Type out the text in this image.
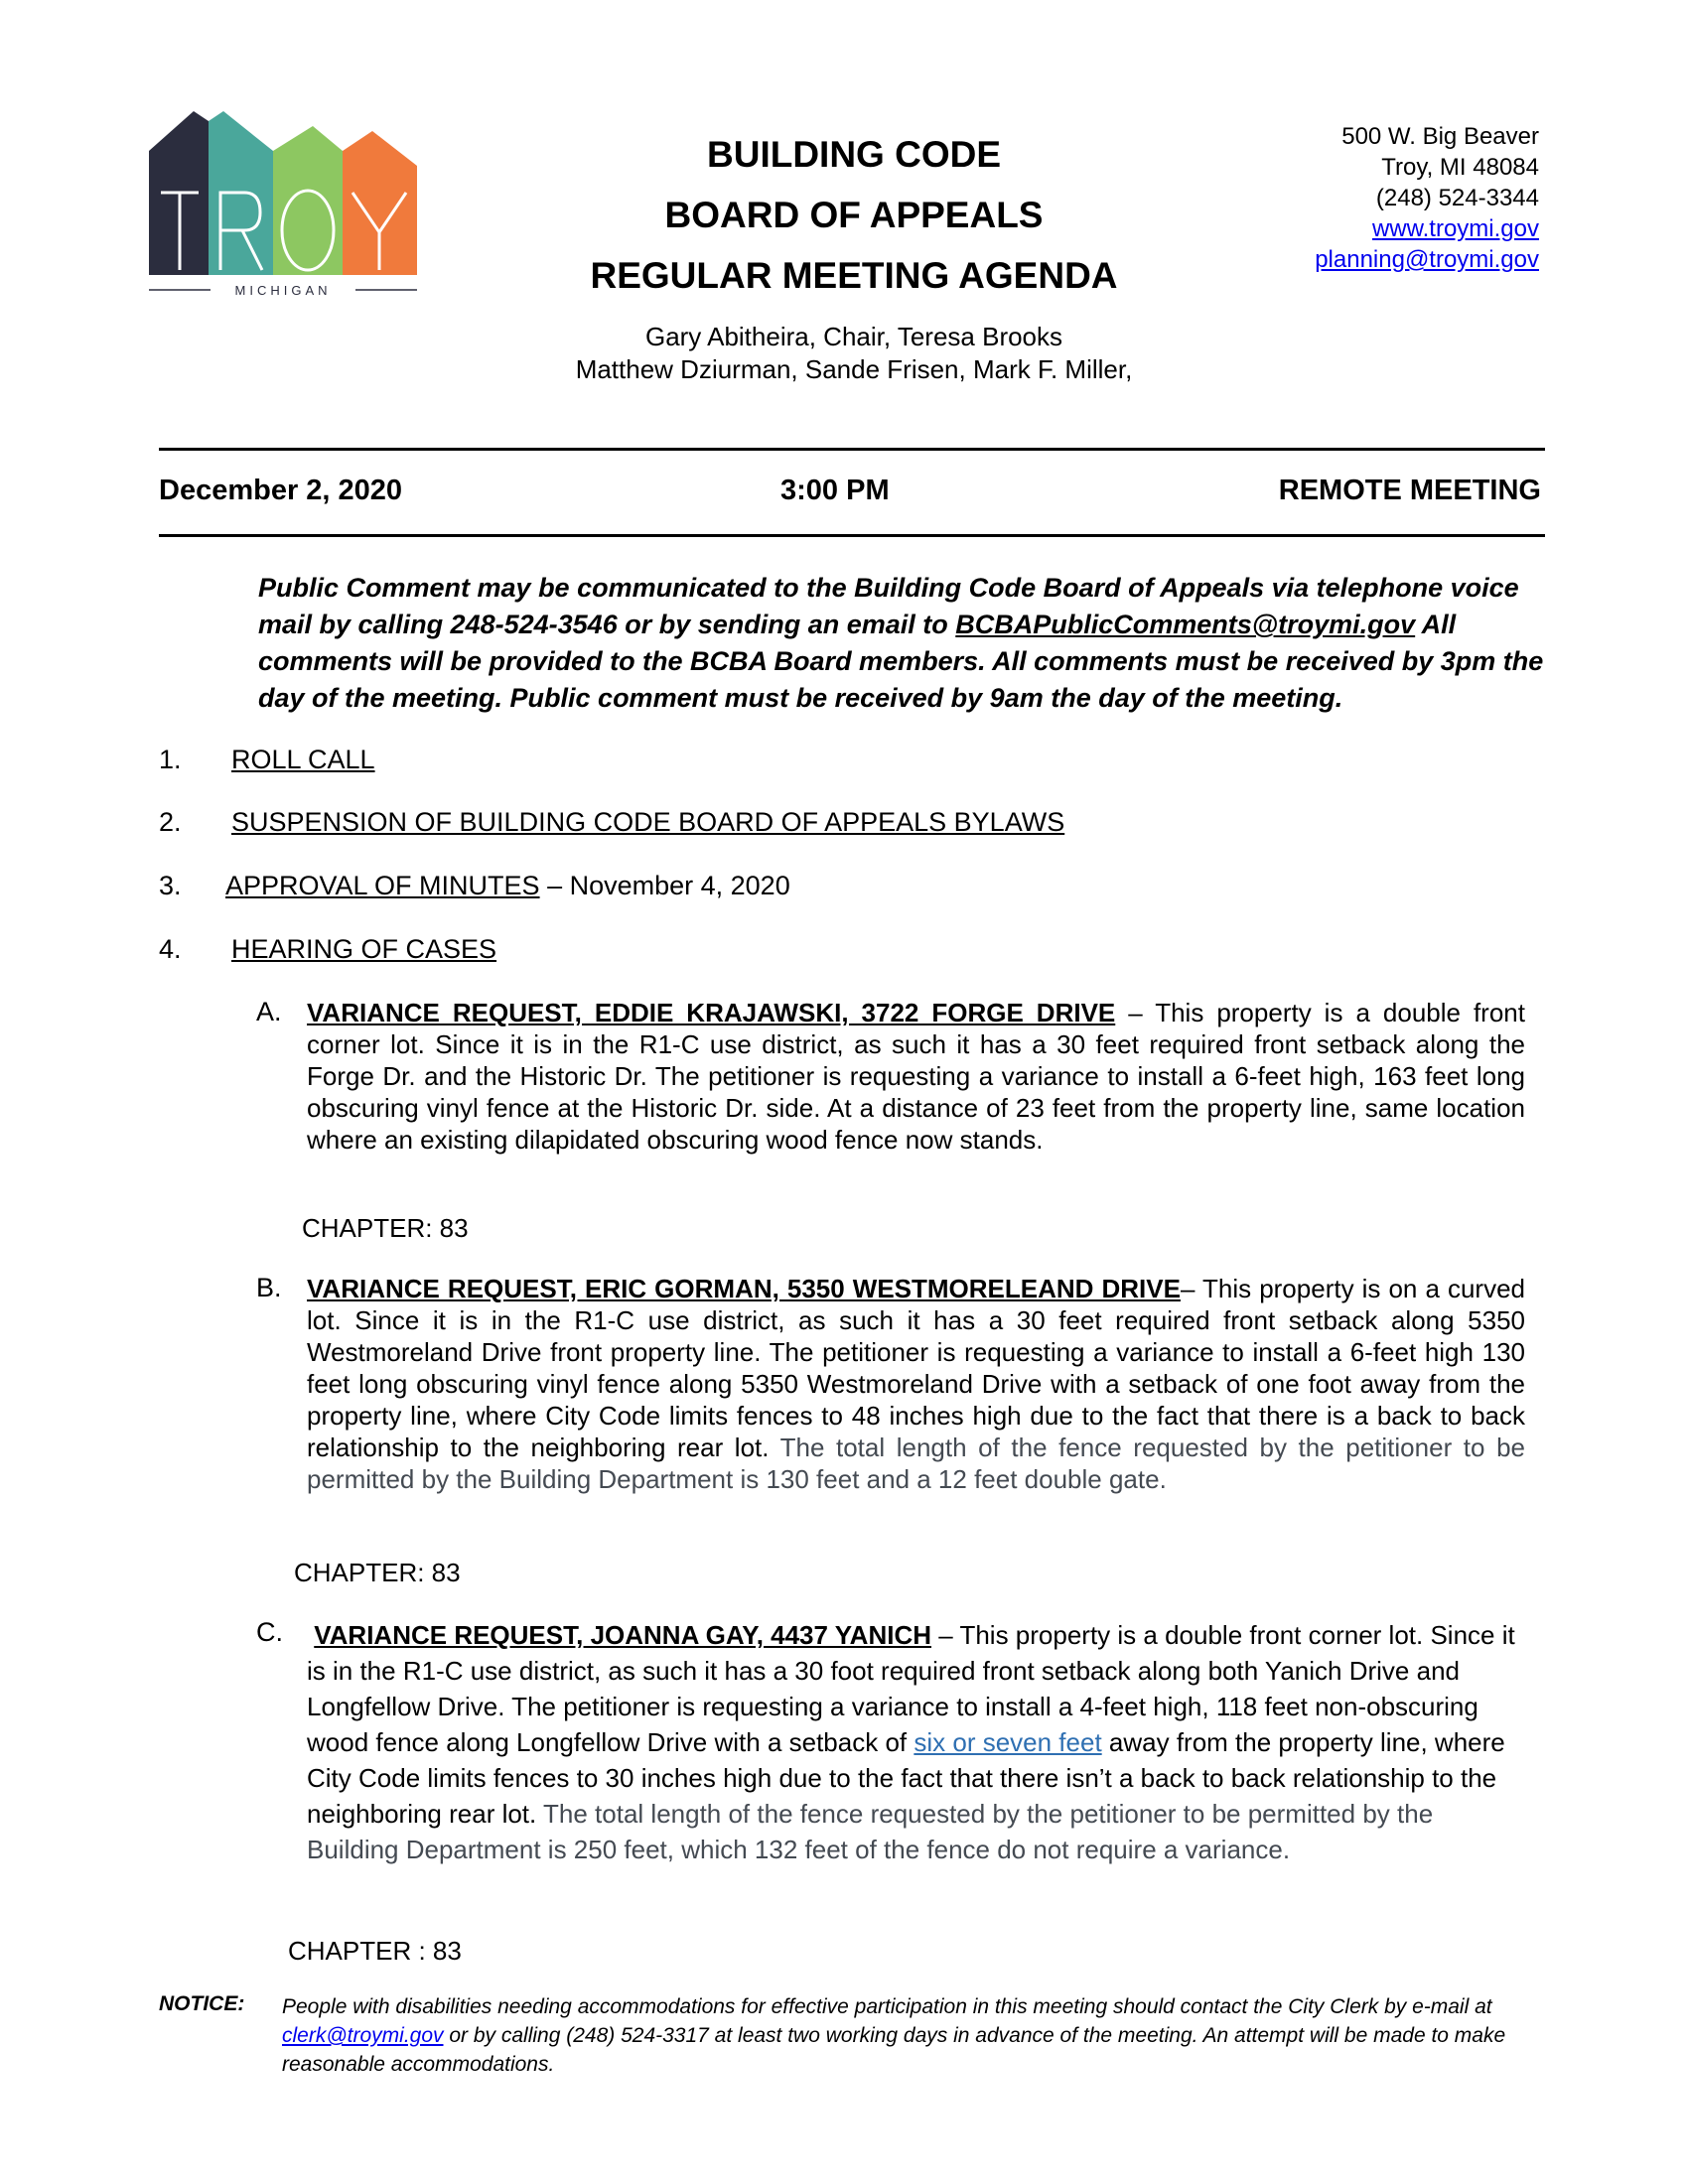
MICHIGAN
BUILDING CODE
BOARD OF APPEALS
REGULAR MEETING AGENDA
Gary Abitheira, Chair, Teresa Brooks
Matthew Dziurman, Sande Frisen, Mark F. Miller,
500 W. Big Beaver
Troy, MI 48084
(248) 524-3344
www.troymi.gov
planning@troymi.gov
December 2, 2020	3:00 PM	REMOTE MEETING
Public Comment may be communicated to the Building Code Board of Appeals via telephone voice mail by calling 248-524-3546 or by sending an email to BCBAPublicComments@troymi.gov All comments will be provided to the BCBA Board members. All comments must be received by 3pm the day of the meeting. Public comment must be received by 9am the day of the meeting.
1. ROLL CALL
2. SUSPENSION OF BUILDING CODE BOARD OF APPEALS BYLAWS
3. APPROVAL OF MINUTES – November 4, 2020
4. HEARING OF CASES
A. VARIANCE REQUEST, EDDIE KRAJAWSKI, 3722 FORGE DRIVE – This property is a double front corner lot. Since it is in the R1-C use district, as such it has a 30 feet required front setback along the Forge Dr. and the Historic Dr. The petitioner is requesting a variance to install a 6-feet high, 163 feet long obscuring vinyl fence at the Historic Dr. side. At a distance of 23 feet from the property line, same location where an existing dilapidated obscuring wood fence now stands.
CHAPTER: 83
B. VARIANCE REQUEST, ERIC GORMAN, 5350 WESTMORELEAND DRIVE– This property is on a curved lot. Since it is in the R1-C use district, as such it has a 30 feet required front setback along 5350 Westmoreland Drive front property line. The petitioner is requesting a variance to install a 6-feet high 130 feet long obscuring vinyl fence along 5350 Westmoreland Drive with a setback of one foot away from the property line, where City Code limits fences to 48 inches high due to the fact that there is a back to back relationship to the neighboring rear lot. The total length of the fence requested by the petitioner to be permitted by the Building Department is 130 feet and a 12 feet double gate.
CHAPTER: 83
C. VARIANCE REQUEST, JOANNA GAY, 4437 YANICH – This property is a double front corner lot. Since it is in the R1-C use district, as such it has a 30 foot required front setback along both Yanich Drive and Longfellow Drive. The petitioner is requesting a variance to install a 4-feet high, 118 feet non-obscuring wood fence along Longfellow Drive with a setback of six or seven feet away from the property line, where City Code limits fences to 30 inches high due to the fact that there isn’t a back to back relationship to the neighboring rear lot. The total length of the fence requested by the petitioner to be permitted by the Building Department is 250 feet, which 132 feet of the fence do not require a variance.
CHAPTER : 83
NOTICE: People with disabilities needing accommodations for effective participation in this meeting should contact the City Clerk by e-mail at clerk@troymi.gov or by calling (248) 524-3317 at least two working days in advance of the meeting. An attempt will be made to make reasonable accommodations.
